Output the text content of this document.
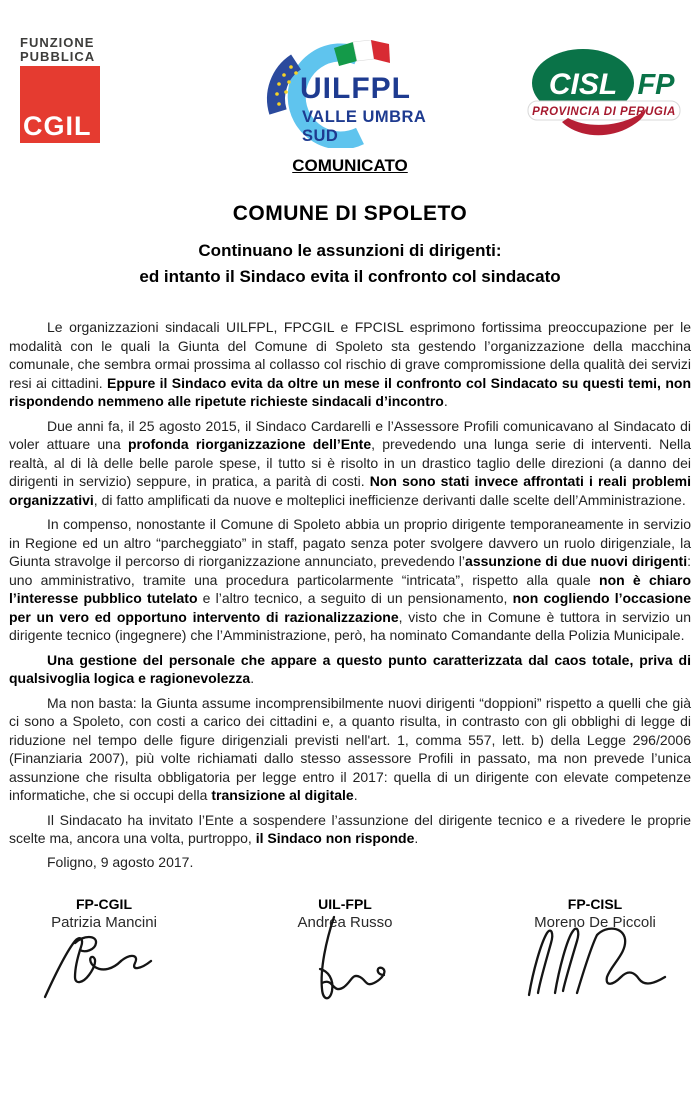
FUNZIONE
PUBBLICA
CGIL
UILFPL
VALLE UMBRA SUD
CISL FP
PROVINCIA DI PERUGIA
COMUNICATO
COMUNE DI SPOLETO
Continuano le assunzioni di dirigenti:
ed intanto il Sindaco evita il confronto col sindacato

Le organizzazioni sindacali UILFPL, FPCGIL e FPCISL esprimono fortissima preoccupazione per le modalità con le quali la Giunta del Comune di Spoleto sta gestendo l’organizzazione della macchina comunale, che sembra ormai prossima al collasso col rischio di grave compromissione della qualità dei servizi resi ai cittadini. Eppure il Sindaco evita da oltre un mese il confronto col Sindacato su questi temi, non rispondendo nemmeno alle ripetute richieste sindacali d’incontro.

Due anni fa, il 25 agosto 2015, il Sindaco Cardarelli e l’Assessore Profili comunicavano al Sindacato di voler attuare una profonda riorganizzazione dell’Ente, prevedendo una lunga serie di interventi. Nella realtà, al di là delle belle parole spese, il tutto si è risolto in un drastico taglio delle direzioni (a danno dei dirigenti in servizio) seppure, in pratica, a parità di costi. Non sono stati invece affrontati i reali problemi organizzativi, di fatto amplificati da nuove e molteplici inefficienze derivanti dalle scelte dell’Amministrazione.

In compenso, nonostante il Comune di Spoleto abbia un proprio dirigente temporaneamente in servizio in Regione ed un altro “parcheggiato” in staff, pagato senza poter svolgere davvero un ruolo dirigenziale, la Giunta stravolge il percorso di riorganizzazione annunciato, prevedendo l’assunzione di due nuovi dirigenti: uno amministrativo, tramite una procedura particolarmente “intricata”, rispetto alla quale non è chiaro l’interesse pubblico tutelato e l’altro tecnico, a seguito di un pensionamento, non cogliendo l’occasione per un vero ed opportuno intervento di razionalizzazione, visto che in Comune è tuttora in servizio un dirigente tecnico (ingegnere) che l’Amministrazione, però, ha nominato Comandante della Polizia Municipale.

Una gestione del personale che appare a questo punto caratterizzata dal caos totale, priva di qualsivoglia logica e ragionevolezza.

Ma non basta: la Giunta assume incomprensibilmente nuovi dirigenti “doppioni” rispetto a quelli che già ci sono a Spoleto, con costi a carico dei cittadini e, a quanto risulta, in contrasto con gli obblighi di legge di riduzione nel tempo delle figure dirigenziali previsti nell'art. 1, comma 557, lett. b) della Legge 296/2006 (Finanziaria 2007), più volte richiamati dallo stesso assessore Profili in passato, ma non prevede l’unica assunzione che risulta obbligatoria per legge entro il 2017: quella di un dirigente con elevate competenze informatiche, che si occupi della transizione al digitale.

Il Sindacato ha invitato l’Ente a sospendere l’assunzione del dirigente tecnico e a rivedere le proprie scelte ma, ancora una volta, purtroppo, il Sindaco non risponde.

Foligno, 9 agosto 2017.
FP-CGIL
Patrizia Mancini
UIL-FPL
Andrea Russo
FP-CISL
Moreno De Piccoli
